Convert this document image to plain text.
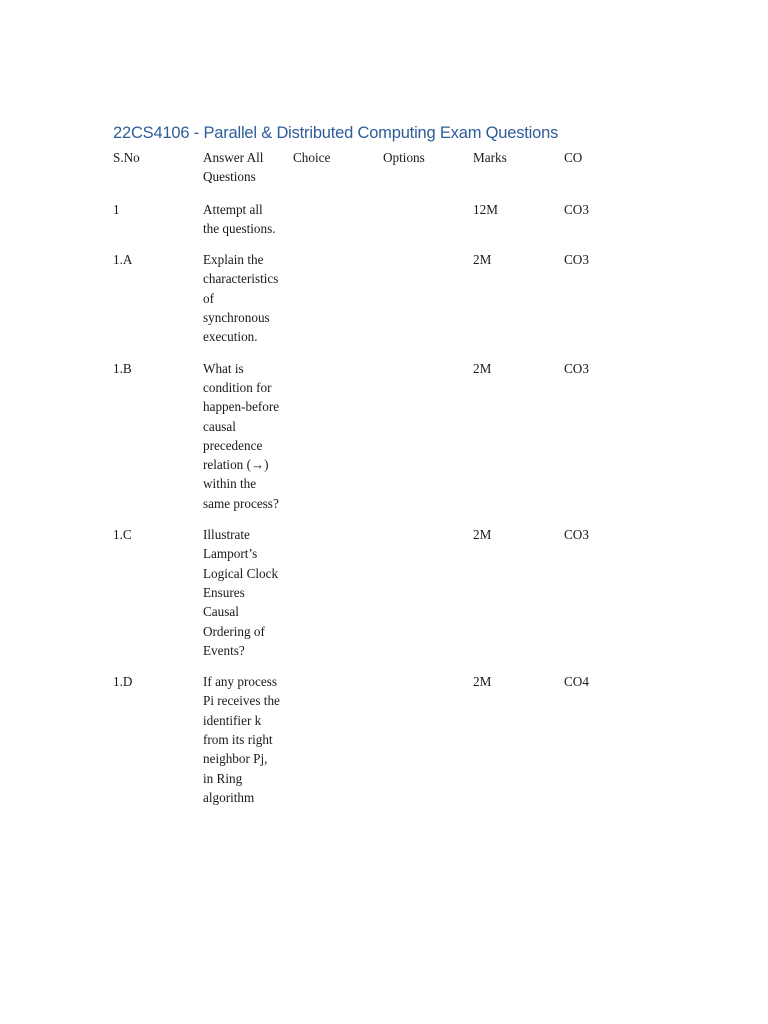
22CS4106 - Parallel & Distributed Computing Exam Questions
S.No	Answer All Questions	Choice	Options	Marks	CO
1	Attempt all the questions.			12M	CO3
1.A	Explain the characteristics of synchronous execution.			2M	CO3
1.B	What is condition for happen-before causal precedence relation (→) within the same process?			2M	CO3
1.C	Illustrate Lamport’s Logical Clock Ensures Causal Ordering of Events?			2M	CO3
1.D	If any process Pi receives the identifier k from its right neighbor Pj, in Ring algorithm			2M	CO4
